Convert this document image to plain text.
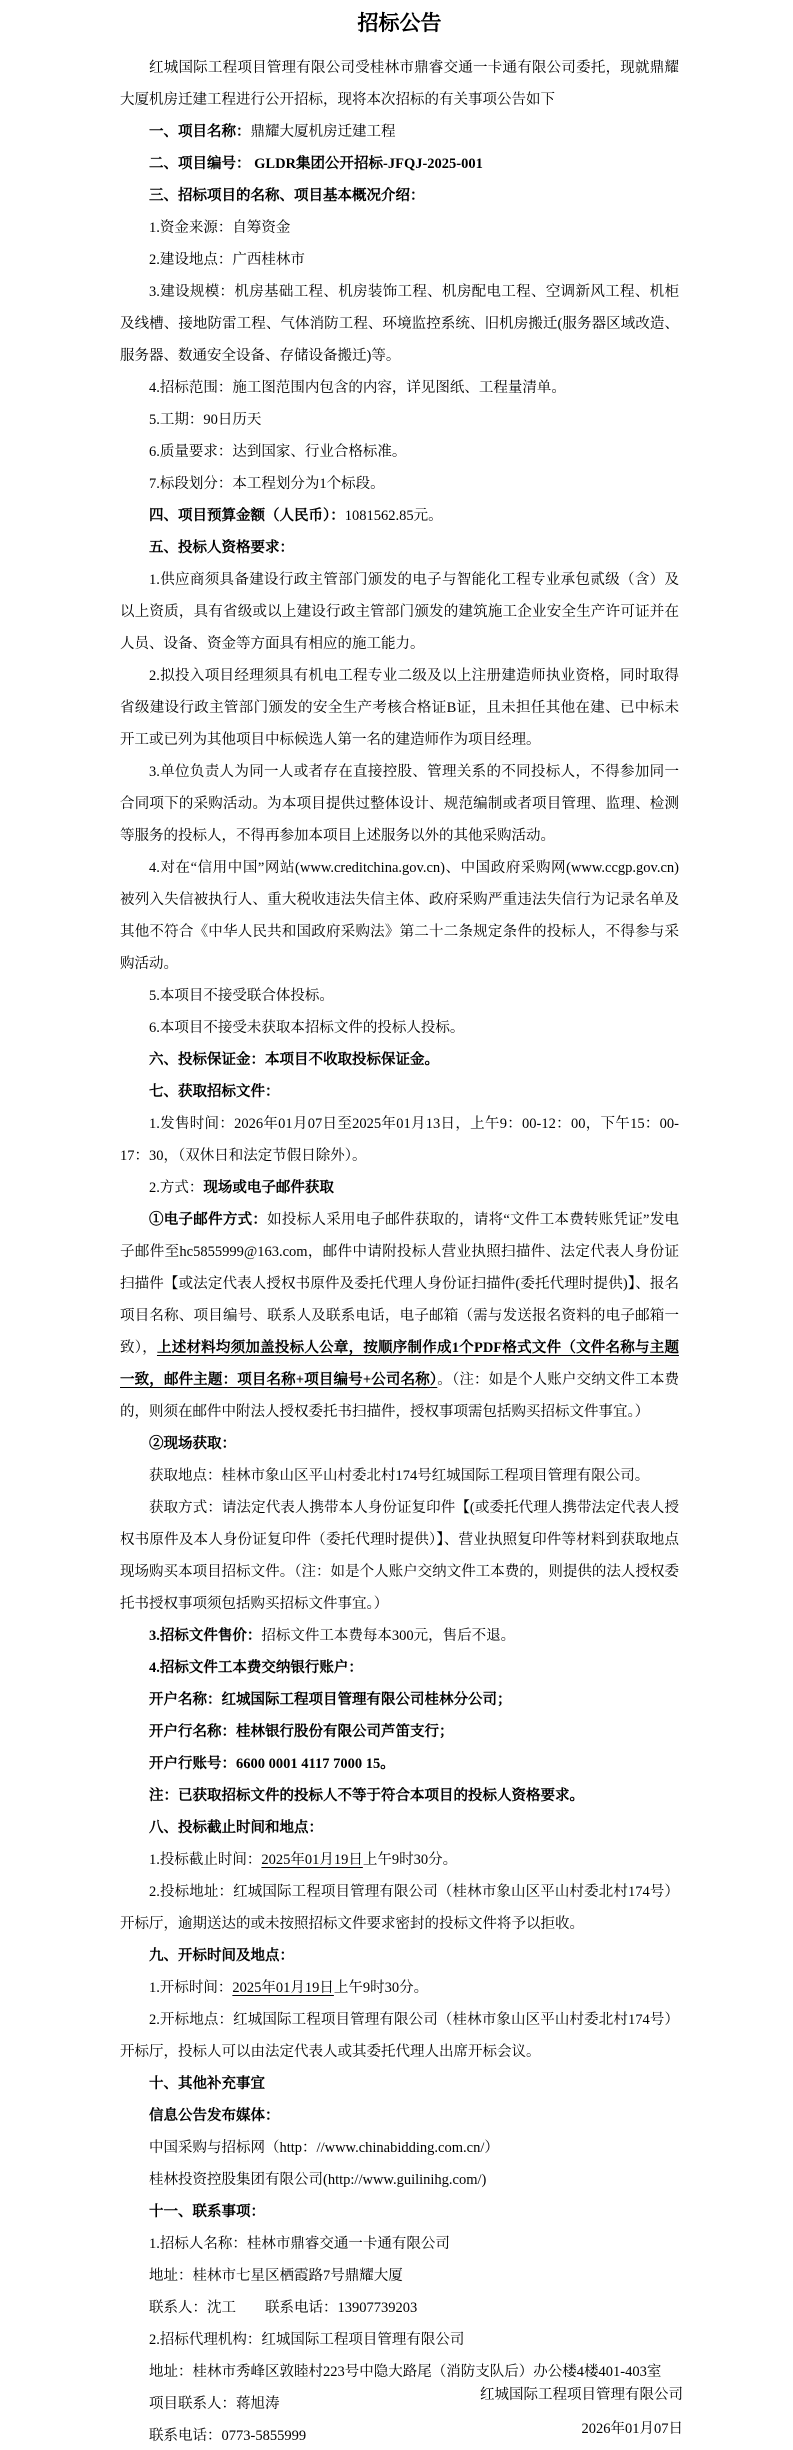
招标公告

红城国际工程项目管理有限公司受桂林市鼎睿交通一卡通有限公司委托，现就鼎耀大厦机房迁建工程进行公开招标，现将本次招标的有关事项公告如下

一、项目名称：鼎耀大厦机房迁建工程

二、项目编号： GLDR集团公开招标-JFQJ-2025-001

三、招标项目的名称、项目基本概况介绍：

1.资金来源：自筹资金

2.建设地点：广西桂林市

3.建设规模：机房基础工程、机房装饰工程、机房配电工程、空调新风工程、机柜及线槽、接地防雷工程、气体消防工程、环境监控系统、旧机房搬迁(服务器区域改造、服务器、数通安全设备、存储设备搬迁)等。

4.招标范围：施工图范围内包含的内容，详见图纸、工程量清单。

5.工期：90日历天

6.质量要求：达到国家、行业合格标准。

7.标段划分：本工程划分为1个标段。

四、项目预算金额（人民币）：1081562.85元。

五、投标人资格要求：

1.供应商须具备建设行政主管部门颁发的电子与智能化工程专业承包贰级（含）及以上资质，具有省级或以上建设行政主管部门颁发的建筑施工企业安全生产许可证并在人员、设备、资金等方面具有相应的施工能力。

2.拟投入项目经理须具有机电工程专业二级及以上注册建造师执业资格，同时取得省级建设行政主管部门颁发的安全生产考核合格证B证，且未担任其他在建、已中标未开工或已列为其他项目中标候选人第一名的建造师作为项目经理。

3.单位负责人为同一人或者存在直接控股、管理关系的不同投标人，不得参加同一合同项下的采购活动。为本项目提供过整体设计、规范编制或者项目管理、监理、检测等服务的投标人，不得再参加本项目上述服务以外的其他采购活动。

4.对在“信用中国”网站(www.creditchina.gov.cn)、中国政府采购网(www.ccgp.gov.cn)被列入失信被执行人、重大税收违法失信主体、政府采购严重违法失信行为记录名单及其他不符合《中华人民共和国政府采购法》第二十二条规定条件的投标人，不得参与采购活动。

5.本项目不接受联合体投标。

6.本项目不接受未获取本招标文件的投标人投标。

六、投标保证金：本项目不收取投标保证金。

七、获取招标文件：

1.发售时间：2026年01月07日至2025年01月13日，上午9：00-12：00，下午15：00- 17：30，（双休日和法定节假日除外）。

2.方式：现场或电子邮件获取

①电子邮件方式：如投标人采用电子邮件获取的，请将“文件工本费转账凭证”发电子邮件至hc5855999@163.com，邮件中请附投标人营业执照扫描件、法定代表人身份证扫描件【或法定代表人授权书原件及委托代理人身份证扫描件(委托代理时提供)】、报名项目名称、项目编号、联系人及联系电话，电子邮箱（需与发送报名资料的电子邮箱一致），上述材料均须加盖投标人公章，按顺序制作成1个PDF格式文件（文件名称与主题一致，邮件主题：项目名称+项目编号+公司名称）。（注：如是个人账户交纳文件工本费的，则须在邮件中附法人授权委托书扫描件，授权事项需包括购买招标文件事宜。）

②现场获取：

获取地点：桂林市象山区平山村委北村174号红城国际工程项目管理有限公司。

获取方式：请法定代表人携带本人身份证复印件【(或委托代理人携带法定代表人授权书原件及本人身份证复印件（委托代理时提供）】、营业执照复印件等材料到获取地点现场购买本项目招标文件。（注：如是个人账户交纳文件工本费的，则提供的法人授权委托书授权事项须包括购买招标文件事宜。）

3.招标文件售价：招标文件工本费每本300元，售后不退。

4.招标文件工本费交纳银行账户：

开户名称：红城国际工程项目管理有限公司桂林分公司；

开户行名称：桂林银行股份有限公司芦笛支行；

开户行账号：6600 0001 4117 7000 15。

注：已获取招标文件的投标人不等于符合本项目的投标人资格要求。

八、投标截止时间和地点：

1.投标截止时间：2025年01月19日上午9时30分。

2.投标地址：红城国际工程项目管理有限公司（桂林市象山区平山村委北村174号）开标厅，逾期送达的或未按照招标文件要求密封的投标文件将予以拒收。

九、开标时间及地点：

1.开标时间：2025年01月19日上午9时30分。

2.开标地点：红城国际工程项目管理有限公司（桂林市象山区平山村委北村174号）开标厅，投标人可以由法定代表人或其委托代理人出席开标会议。

十、其他补充事宜

信息公告发布媒体：

中国采购与招标网（http：//www.chinabidding.com.cn/）

桂林投资控股集团有限公司(http://www.guilinihg.com/)

十一、联系事项：

1.招标人名称：桂林市鼎睿交通一卡通有限公司

地址：桂林市七星区栖霞路7号鼎耀大厦

联系人：沈工　　联系电话：13907739203

2.招标代理机构：红城国际工程项目管理有限公司

地址：桂林市秀峰区敦睦村223号中隐大路尾（消防支队后）办公楼4楼401-403室

项目联系人：蒋旭涛

联系电话：0773-5855999

红城国际工程项目管理有限公司
2026年01月07日
